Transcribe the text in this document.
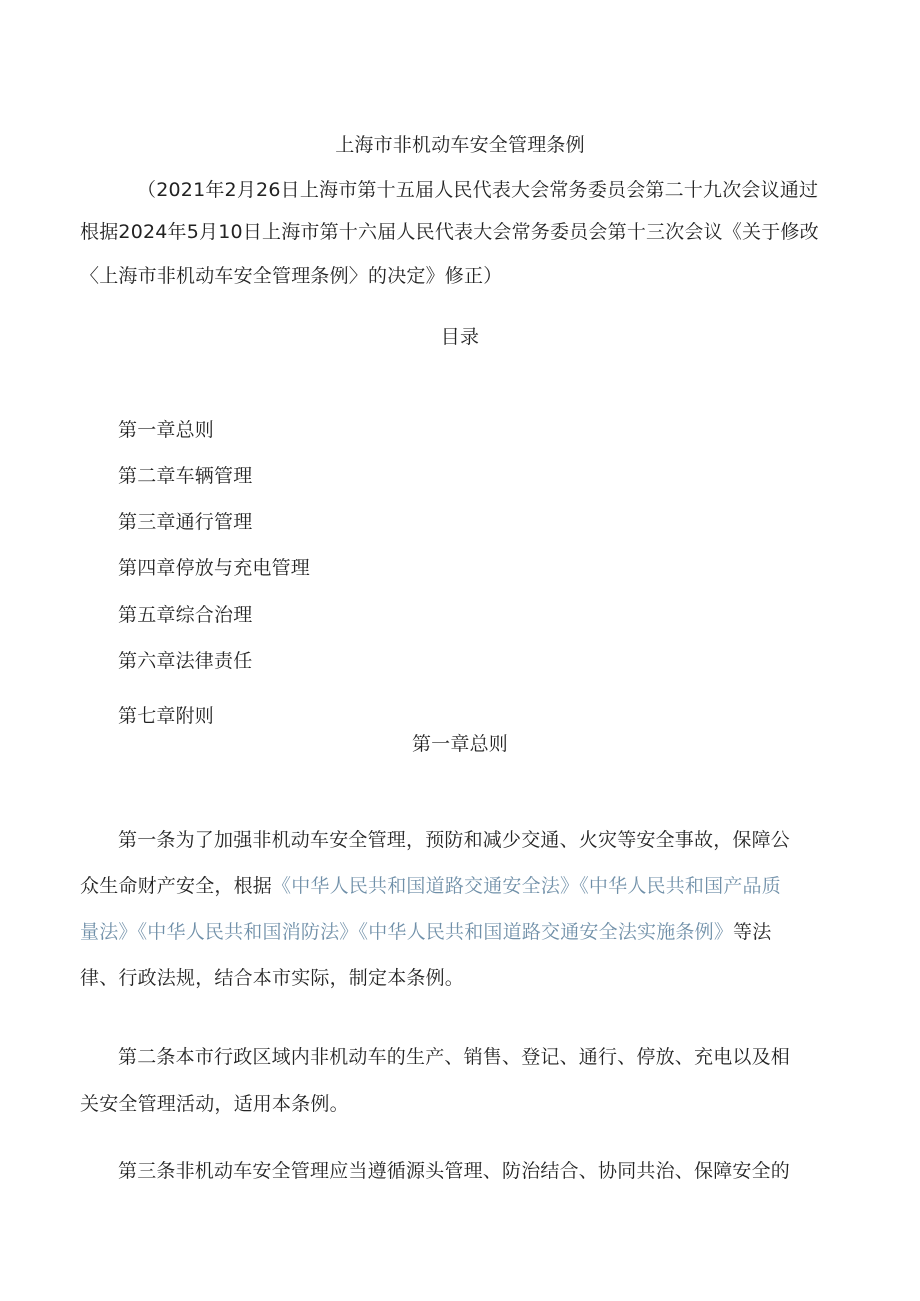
上海市非机动车安全管理条例
（2021年2月26日上海市第十五届人民代表大会常务委员会第二十九次会议通过
根据2024年5月10日上海市第十六届人民代表大会常务委员会第十三次会议《关于修改
〈上海市非机动车安全管理条例〉的决定》修正）
目录
第一章总则
第二章车辆管理
第三章通行管理
第四章停放与充电管理
第五章综合治理
第六章法律责任
第七章附则
第一章总则
第一条为了加强非机动车安全管理，预防和减少交通、火灾等安全事故，保障公
众生命财产安全，根据《中华人民共和国道路交通安全法》《中华人民共和国产品质
量法》《中华人民共和国消防法》《中华人民共和国道路交通安全法实施条例》等法
律、行政法规，结合本市实际，制定本条例。
第二条本市行政区域内非机动车的生产、销售、登记、通行、停放、充电以及相
关安全管理活动，适用本条例。
第三条非机动车安全管理应当遵循源头管理、防治结合、协同共治、保障安全的
